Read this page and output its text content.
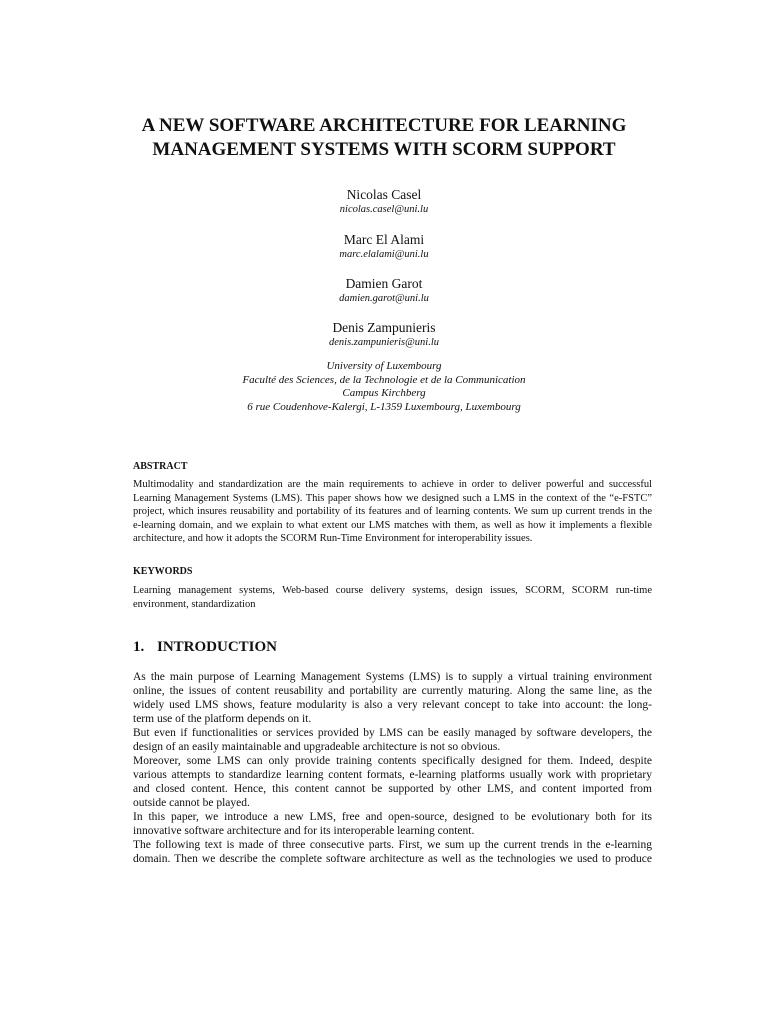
A NEW SOFTWARE ARCHITECTURE FOR LEARNING
MANAGEMENT SYSTEMS WITH SCORM SUPPORT
Nicolas Casel
nicolas.casel@uni.lu
Marc El Alami
marc.elalami@uni.lu
Damien Garot
damien.garot@uni.lu
Denis Zampunieris
denis.zampunieris@uni.lu
University of Luxembourg
Faculté des Sciences, de la Technologie et de la Communication
Campus Kirchberg
6 rue Coudenhove-Kalergi, L-1359 Luxembourg, Luxembourg
ABSTRACT
Multimodality and standardization are the main requirements to achieve in order to deliver powerful and successful
Learning Management Systems (LMS). This paper shows how we designed such a LMS in the context of the “e-FSTC”
project, which insures reusability and portability of its features and of learning contents. We sum up current trends in the
e-learning domain, and we explain to what extent our LMS matches with them, as well as how it implements a flexible
architecture, and how it adopts the SCORM Run-Time Environment for interoperability issues.
KEYWORDS
Learning management systems, Web-based course delivery systems, design issues, SCORM, SCORM run-time
environment, standardization
1. INTRODUCTION
As the main purpose of Learning Management Systems (LMS) is to supply a virtual training environment
online, the issues of content reusability and portability are currently maturing. Along the same line, as the
widely used LMS shows, feature modularity is also a very relevant concept to take into account: the long-
term use of the platform depends on it.
But even if functionalities or services provided by LMS can be easily managed by software developers, the
design of an easily maintainable and upgradeable architecture is not so obvious.
Moreover, some LMS can only provide training contents specifically designed for them. Indeed, despite
various attempts to standardize learning content formats, e-learning platforms usually work with proprietary
and closed content. Hence, this content cannot be supported by other LMS, and content imported from
outside cannot be played.
In this paper, we introduce a new LMS, free and open-source, designed to be evolutionary both for its
innovative software architecture and for its interoperable learning content.
The following text is made of three consecutive parts. First, we sum up the current trends in the e-learning
domain. Then we describe the complete software architecture as well as the technologies we used to produce
